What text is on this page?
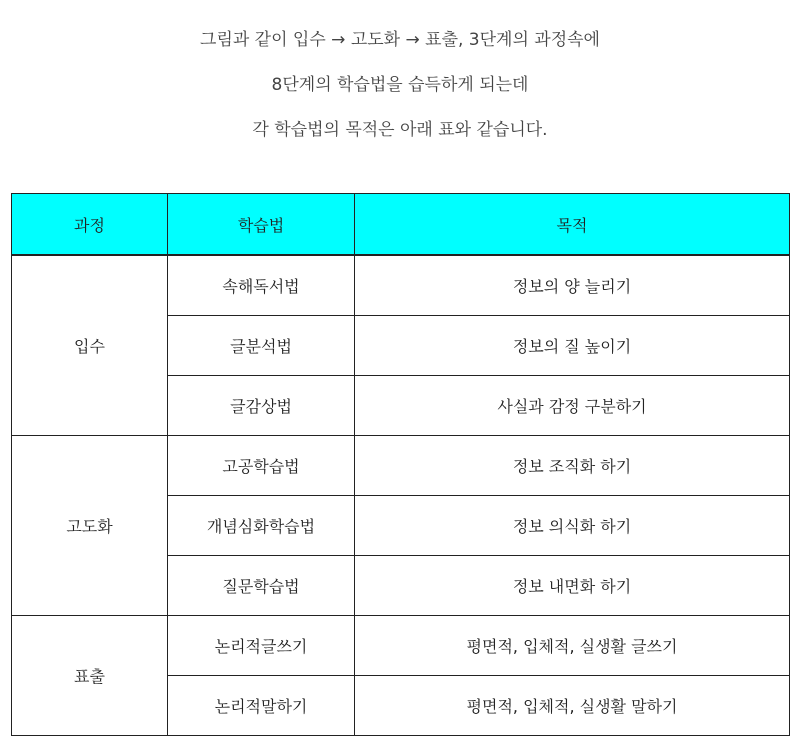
그림과 같이 입수 → 고도화 → 표출, 3단계의 과정속에

8단계의 학습법을 습득하게 되는데

각 학습법의 목적은 아래 표와 같습니다.

과정	학습법	목적
입수	속해독서법	정보의 양 늘리기
	글분석법	정보의 질 높이기
	글감상법	사실과 감정 구분하기
고도화	고공학습법	정보 조직화 하기
	개념심화학습법	정보 의식화 하기
	질문학습법	정보 내면화 하기
표출	논리적글쓰기	평면적, 입체적, 실생활 글쓰기
	논리적말하기	평면적, 입체적, 실생활 말하기
